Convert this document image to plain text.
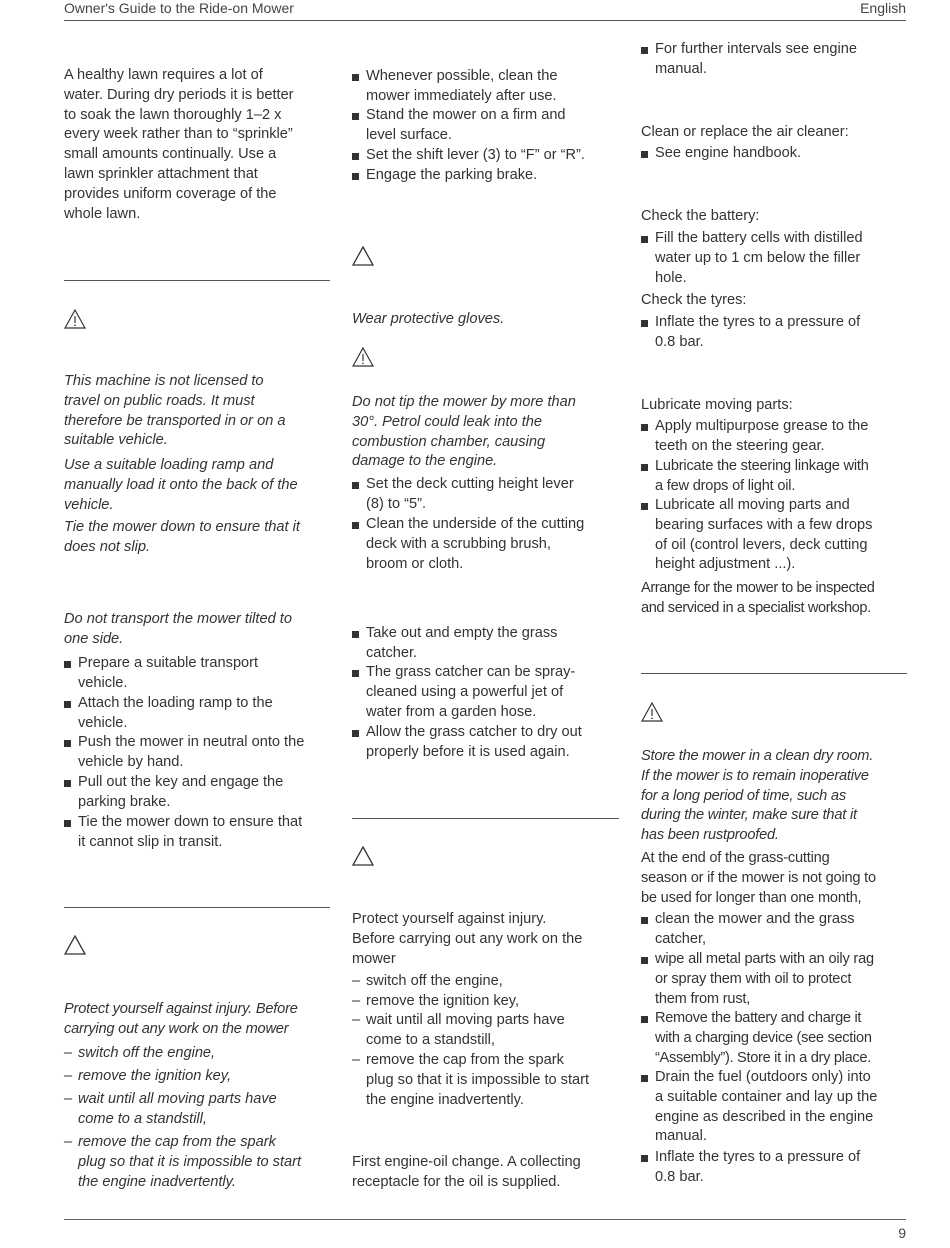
Owner's Guide to the Ride-on Mower	English
A healthy lawn requires a lot of
water. During dry periods it is better
to soak the lawn thoroughly 1–2 x
every week rather than to “sprinkle”
small amounts continually. Use a
lawn sprinkler attachment that
provides uniform coverage of the
whole lawn.
This machine is not licensed to
travel on public roads. It must
therefore be transported in or on a
suitable vehicle.
Use a suitable loading ramp and
manually load it onto the back of the
vehicle.
Tie the mower down to ensure that it
does not slip.
Do not transport the mower tilted to
one side.
Prepare a suitable transport
vehicle.
Attach the loading ramp to the
vehicle.
Push the mower in neutral onto the
vehicle by hand.
Pull out the key and engage the
parking brake.
Tie the mower down to ensure that
it cannot slip in transit.
Protect yourself against injury. Before
carrying out any work on the mower
– switch off the engine,
– remove the ignition key,
– wait until all moving parts have
come to a standstill,
– remove the cap from the spark
plug so that it is impossible to start
the engine inadvertently.
Whenever possible, clean the
mower immediately after use.
Stand the mower on a firm and
level surface.
Set the shift lever (3) to “F” or “R”.
Engage the parking brake.
Wear protective gloves.
Do not tip the mower by more than
30°. Petrol could leak into the
combustion chamber, causing
damage to the engine.
Set the deck cutting height lever
(8) to “5”.
Clean the underside of the cutting
deck with a scrubbing brush,
broom or cloth.
Take out and empty the grass
catcher.
The grass catcher can be spray-
cleaned using a powerful jet of
water from a garden hose.
Allow the grass catcher to dry out
properly before it is used again.
Protect yourself against injury.
Before carrying out any work on the
mower
– switch off the engine,
– remove the ignition key,
– wait until all moving parts have
come to a standstill,
– remove the cap from the spark
plug so that it is impossible to start
the engine inadvertently.
First engine-oil change. A collecting
receptacle for the oil is supplied.
For further intervals see engine
manual.
Clean or replace the air cleaner:
See engine handbook.
Check the battery:
Fill the battery cells with distilled
water up to 1 cm below the filler
hole.
Check the tyres:
Inflate the tyres to a pressure of
0.8 bar.
Lubricate moving parts:
Apply multipurpose grease to the
teeth on the steering gear.
Lubricate the steering linkage with
a few drops of light oil.
Lubricate all moving parts and
bearing surfaces with a few drops
of oil (control levers, deck cutting
height adjustment ...).
Arrange for the mower to be inspected
and serviced in a specialist workshop.
Store the mower in a clean dry room.
If the mower is to remain inoperative
for a long period of time, such as
during the winter, make sure that it
has been rustproofed.
At the end of the grass-cutting
season or if the mower is not going to
be used for longer than one month,
clean the mower and the grass
catcher,
wipe all metal parts with an oily rag
or spray them with oil to protect
them from rust,
Remove the battery and charge it
with a charging device (see section
“Assembly”). Store it in a dry place.
Drain the fuel (outdoors only) into
a suitable container and lay up the
engine as described in the engine
manual.
Inflate the tyres to a pressure of
0.8 bar.
9
